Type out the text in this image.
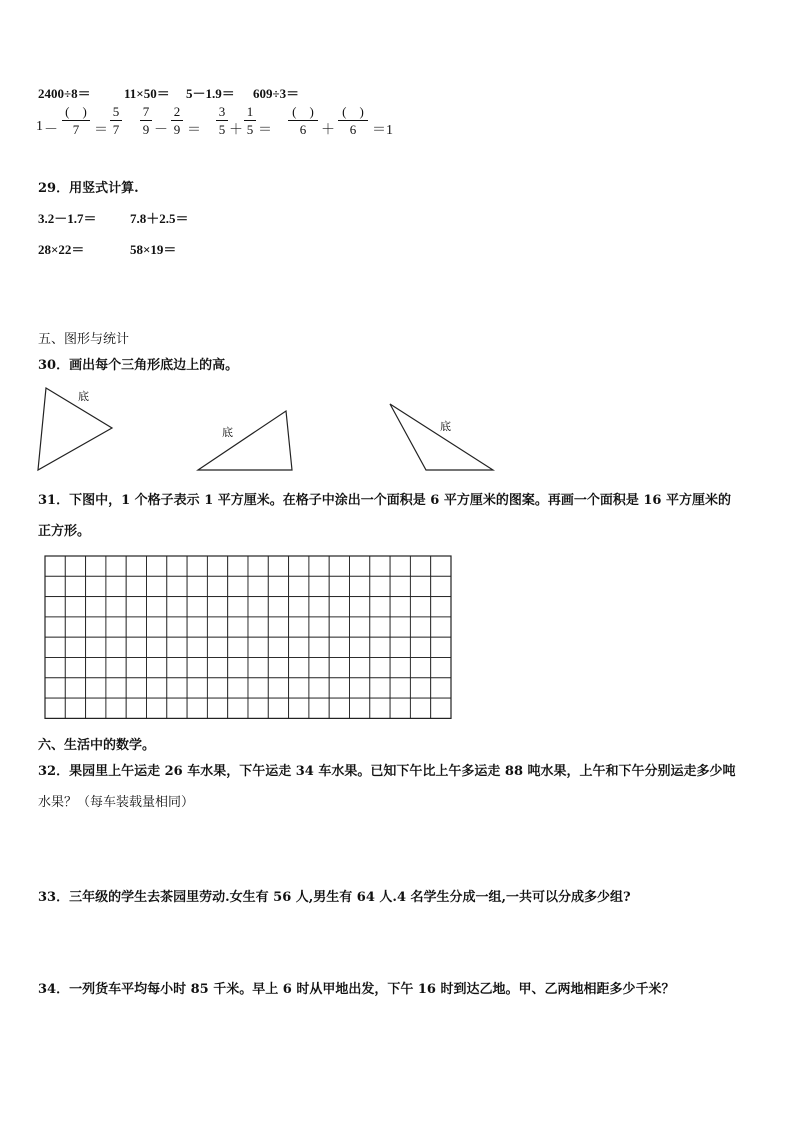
2400÷8＝	11×50＝ 5－1.9＝ 609÷3＝
1 －
(　)
7	＝
5
7
7
9 －
2
9 ＝
3
5 ＋
1
5 ＝
(　)
6	＋
(　)
6	＝1
29．用竖式计算.
3.2－1.7＝	7.8＋2.5＝
28×22＝	58×19＝
五、图形与统计
30．画出每个三角形底边上的高。
底
底	底
31．下图中，1 个格子表示 1 平方厘米。在格子中涂出一个面积是 6 平方厘米的图案。再画一个面积是 16 平方厘米的
正方形。
六、生活中的数学。
32．果园里上午运走 26 车水果，下午运走 34 车水果。已知下午比上午多运走 88 吨水果，上午和下午分别运走多少吨
水果？（每车装载量相同）
33．三年级的学生去茶园里劳动.女生有 56 人,男生有 64 人.4 名学生分成一组,一共可以分成多少组?
34．一列货车平均每小时 85 千米。早上 6 时从甲地出发，下午 16 时到达乙地。甲、乙两地相距多少千米？
